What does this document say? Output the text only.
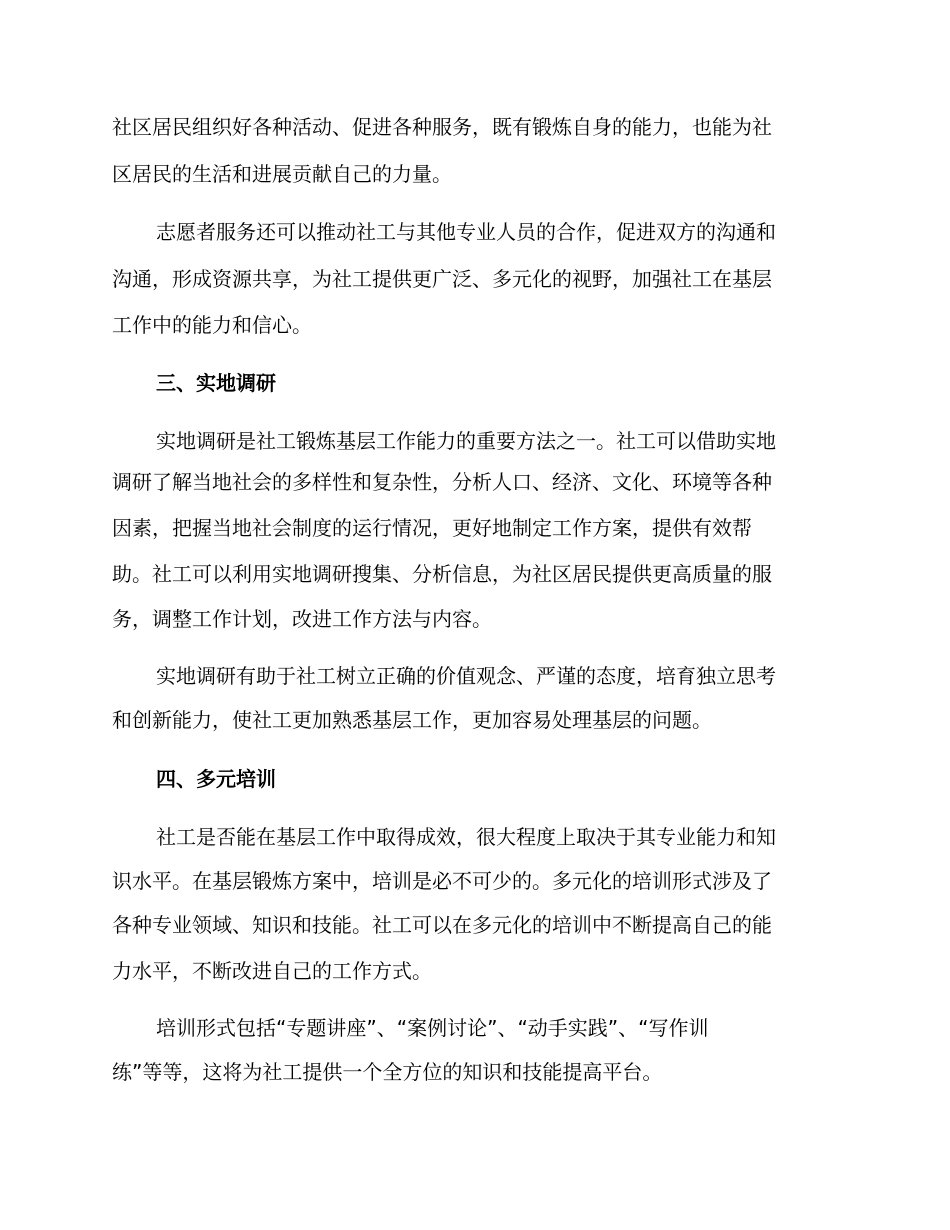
社区居民组织好各种活动、促进各种服务，既有锻炼自身的能力，也能为社
区居民的生活和进展贡献自己的力量。
志愿者服务还可以推动社工与其他专业人员的合作，促进双方的沟通和
沟通，形成资源共享，为社工提供更广泛、多元化的视野，加强社工在基层
工作中的能力和信心。
三、实地调研
实地调研是社工锻炼基层工作能力的重要方法之一。社工可以借助实地
调研了解当地社会的多样性和复杂性，分析人口、经济、文化、环境等各种
因素，把握当地社会制度的运行情况，更好地制定工作方案，提供有效帮
助。社工可以利用实地调研搜集、分析信息，为社区居民提供更高质量的服
务，调整工作计划，改进工作方法与内容。
实地调研有助于社工树立正确的价值观念、严谨的态度，培育独立思考
和创新能力，使社工更加熟悉基层工作，更加容易处理基层的问题。
四、多元培训
社工是否能在基层工作中取得成效，很大程度上取决于其专业能力和知
识水平。在基层锻炼方案中，培训是必不可少的。多元化的培训形式涉及了
各种专业领域、知识和技能。社工可以在多元化的培训中不断提高自己的能
力水平，不断改进自己的工作方式。
培训形式包括“专题讲座”、“案例讨论”、“动手实践”、“写作训
练”等等，这将为社工提供一个全方位的知识和技能提高平台。
